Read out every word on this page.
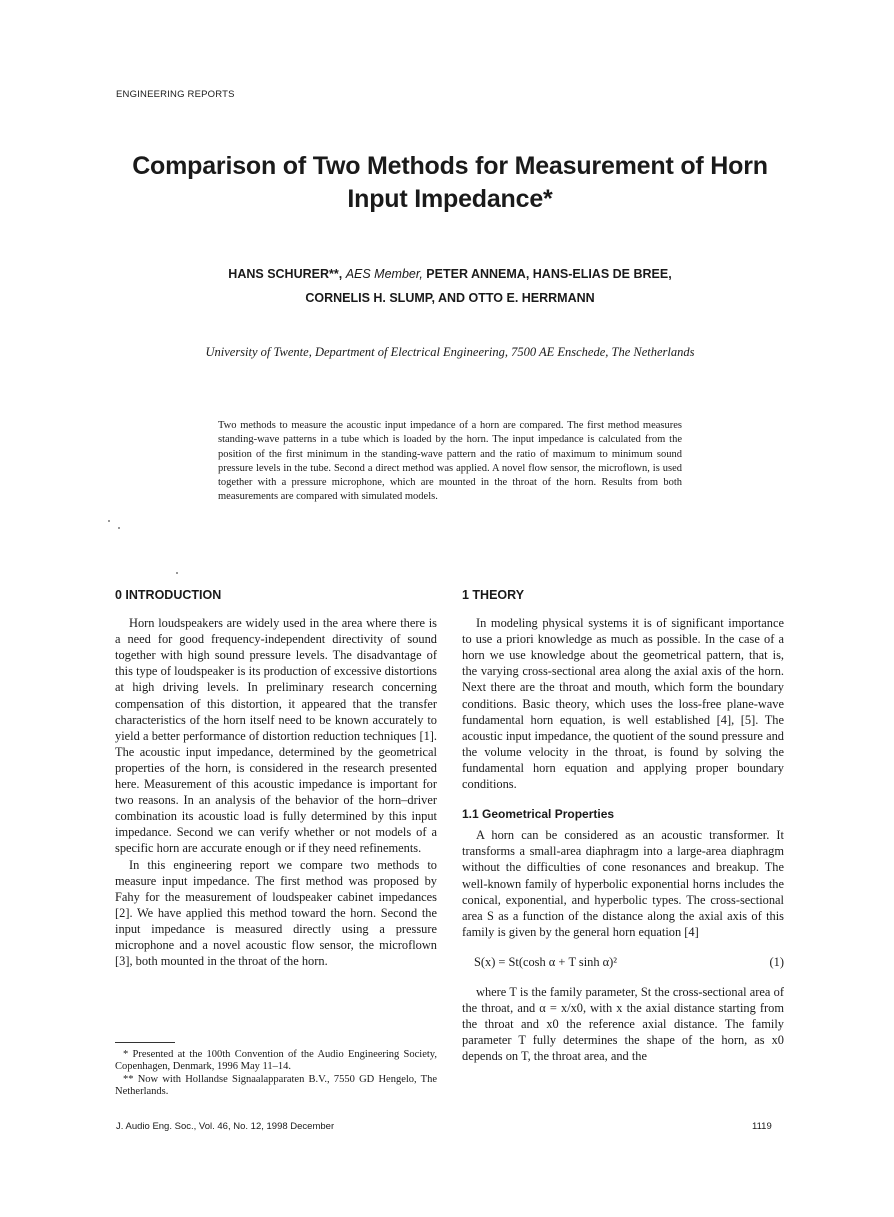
ENGINEERING REPORTS
Comparison of Two Methods for Measurement of Horn
Input Impedance*
HANS SCHURER**, AES Member, PETER ANNEMA, HANS-ELIAS DE BREE,
CORNELIS H. SLUMP, AND OTTO E. HERRMANN
University of Twente, Department of Electrical Engineering, 7500 AE Enschede, The Netherlands
Two methods to measure the acoustic input impedance of a horn are compared. The first method measures standing-wave patterns in a tube which is loaded by the horn. The input impedance is calculated from the position of the first minimum in the standing-wave pattern and the ratio of maximum to minimum sound pressure levels in the tube. Second a direct method was applied. A novel flow sensor, the microflown, is used together with a pressure microphone, which are mounted in the throat of the horn. Results from both measurements are compared with simulated models.
0 INTRODUCTION

Horn loudspeakers are widely used in the area where there is a need for good frequency-independent directivity of sound together with high sound pressure levels. The disadvantage of this type of loudspeaker is its production of excessive distortions at high driving levels. In preliminary research concerning compensation of this distortion, it appeared that the transfer characteristics of the horn itself need to be known accurately to yield a better performance of distortion reduction techniques [1]. The acoustic input impedance, determined by the geometrical properties of the horn, is considered in the research presented here. Measurement of this acoustic impedance is important for two reasons. In an analysis of the behavior of the horn–driver combination its acoustic load is fully determined by this input impedance. Second we can verify whether or not models of a specific horn are accurate enough or if they need refinements.

In this engineering report we compare two methods to measure input impedance. The first method was proposed by Fahy for the measurement of loudspeaker cabinet impedances [2]. We have applied this method toward the horn. Second the input impedance is measured directly using a pressure microphone and a novel acoustic flow sensor, the microflown [3], both mounted in the throat of the horn.

* Presented at the 100th Convention of the Audio Engineering Society, Copenhagen, Denmark, 1996 May 11–14.

** Now with Hollandse Signaalapparaten B.V., 7550 GD Hengelo, The Netherlands.

1 THEORY

In modeling physical systems it is of significant importance to use a priori knowledge as much as possible. In the case of a horn we use knowledge about the geometrical pattern, that is, the varying cross-sectional area along the axial axis of the horn. Next there are the throat and mouth, which form the boundary conditions. Basic theory, which uses the loss-free plane-wave fundamental horn equation, is well established [4], [5]. The acoustic input impedance, the quotient of the sound pressure and the volume velocity in the throat, is found by solving the fundamental horn equation and applying proper boundary conditions.

1.1 Geometrical Properties

A horn can be considered as an acoustic transformer. It transforms a small-area diaphragm into a large-area diaphragm without the difficulties of cone resonances and breakup. The well-known family of hyperbolic exponential horns includes the conical, exponential, and hyperbolic types. The cross-sectional area S as a function of the distance along the axial axis of this family is given by the general horn equation [4]

S(x) = St(cosh α + T sinh α)²	(1)

where T is the family parameter, St the cross-sectional area of the throat, and α = x/x0, with x the axial distance starting from the throat and x0 the reference axial distance. The family parameter T fully determines the shape of the horn, as x0 depends on T, the throat area, and the

J. Audio Eng. Soc., Vol. 46, No. 12, 1998 December	1119
